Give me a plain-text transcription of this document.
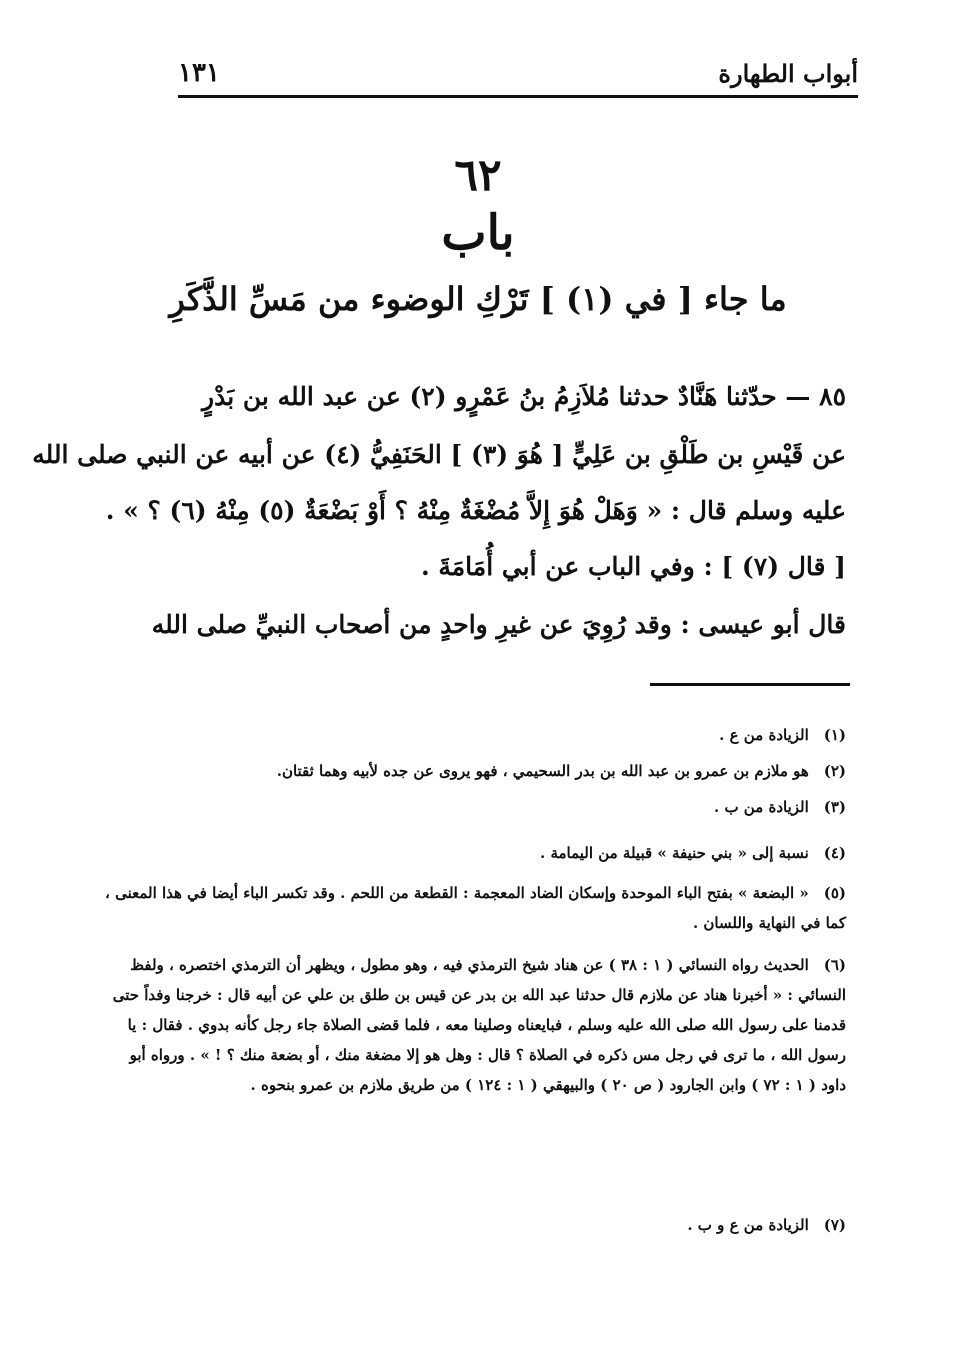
أبواب الطهارة
١٣١
٦٢
باب
ما جاء [ في (١) ] تَرْكِ الوضوء من مَسِّ الذَّكَرِ
٨٥ — حدّثنا هَنَّادٌ حدثنا مُلاَزِمُ بنُ عَمْرٍو (٢) عن عبد الله بن بَدْرٍ
عن قَيْسِ بن طَلْقِ بن عَلِيٍّ [ هُوَ (٣) ] الحَنَفِيُّ (٤) عن أبيه عن النبي صلى الله
عليه وسلم قال : « وَهَلْ هُوَ إِلاَّ مُضْغَةٌ مِنْهُ ؟ أَوْ بَضْعَةٌ (٥) مِنْهُ (٦) ؟ » .
[ قال (٧) ] : وفي الباب عن أبي أُمَامَةَ .
قال أبو عيسى : وقد رُوِيَ عن غيرِ واحدٍ من أصحاب النبيِّ صلى الله
(١) الزيادة من ع .
(٢) هو ملازم بن عمرو بن عبد الله بن بدر السحيمي ، فهو يروى عن جده لأبيه وهما ثقتان.
(٣) الزيادة من ب .
(٤) نسبة إلى « بني حنيفة » قبيلة من اليمامة .
(٥) « البضعة » بفتح الباء الموحدة وإسكان الضاد المعجمة : القطعة من اللحم . وقد تكسر الباء أيضا في هذا المعنى ، كما في النهاية واللسان .
(٦) الحديث رواه النسائي ( ١ : ٣٨ ) عن هناد شيخ الترمذي فيه ، وهو مطول ، ويظهر أن الترمذي اختصره ، ولفظ النسائي : « أخبرنا هناد عن ملازم قال حدثنا عبد الله بن بدر عن قيس بن طلق بن علي عن أبيه قال : خرجنا وفداً حتى قدمنا على رسول الله صلى الله عليه وسلم ، فبايعناه وصلينا معه ، فلما قضى الصلاة جاء رجل كأنه بدوي . فقال : يا رسول الله ، ما ترى في رجل مس ذكره في الصلاة ؟ قال : وهل هو إلا مضغة منك ، أو بضعة منك ؟ ! » . ورواه أبو داود ( ١ : ٧٢ ) وابن الجارود ( ص ٢٠ ) والبيهقي ( ١ : ١٢٤ ) من طريق ملازم بن عمرو بنحوه .
(٧) الزيادة من ع و ب .
